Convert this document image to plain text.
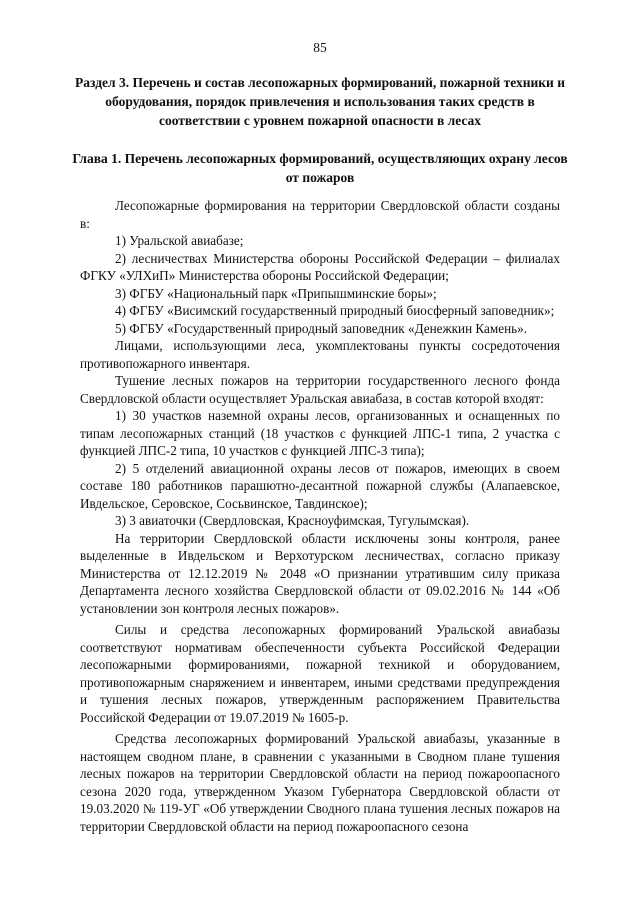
85
Раздел 3. Перечень и состав лесопожарных формирований, пожарной техники и оборудования, порядок привлечения и использования таких средств в соответствии с уровнем пожарной опасности в лесах
Глава 1. Перечень лесопожарных формирований, осуществляющих охрану лесов от пожаров

Лесопожарные формирования на территории Свердловской области созданы в:

1) Уральской авиабазе;

2) лесничествах Министерства обороны Российской Федерации – филиалах ФГКУ «УЛХиП» Министерства обороны Российской Федерации;

3) ФГБУ «Национальный парк «Припышминские боры»;

4) ФГБУ «Висимский государственный природный биосферный заповедник»;

5) ФГБУ «Государственный природный заповедник «Денежкин Камень».

Лицами, использующими леса, укомплектованы пункты сосредоточения противопожарного инвентаря.

Тушение лесных пожаров на территории государственного лесного фонда Свердловской области осуществляет Уральская авиабаза, в состав которой входят:

1) 30 участков наземной охраны лесов, организованных и оснащенных по типам лесопожарных станций (18 участков с функцией ЛПС-1 типа, 2 участка с функцией ЛПС-2 типа, 10 участков с функцией ЛПС-3 типа);

2) 5 отделений авиационной охраны лесов от пожаров, имеющих в своем составе 180 работников парашютно-десантной пожарной службы (Алапаевское, Ивдельское, Серовское, Сосьвинское, Тавдинское);

3) 3 авиаточки (Свердловская, Красноуфимская, Тугулымская).

На территории Свердловской области исключены зоны контроля, ранее выделенные в Ивдельском и Верхотурском лесничествах, согласно приказу Министерства от 12.12.2019 № 2048 «О признании утратившим силу приказа Департамента лесного хозяйства Свердловской области от 09.02.2016 № 144 «Об установлении зон контроля лесных пожаров».

Силы и средства лесопожарных формирований Уральской авиабазы соответствуют нормативам обеспеченности субъекта Российской Федерации лесопожарными формированиями, пожарной техникой и оборудованием, противопожарным снаряжением и инвентарем, иными средствами предупреждения и тушения лесных пожаров, утвержденным распоряжением Правительства Российской Федерации от 19.07.2019 № 1605-р.

Средства лесопожарных формирований Уральской авиабазы, указанные в настоящем сводном плане, в сравнении с указанными в Сводном плане тушения лесных пожаров на территории Свердловской области на период пожароопасного сезона 2020 года, утвержденном Указом Губернатора Свердловской области от 19.03.2020 № 119-УГ «Об утверждении Сводного плана тушения лесных пожаров на территории Свердловской области на период пожароопасного сезона
